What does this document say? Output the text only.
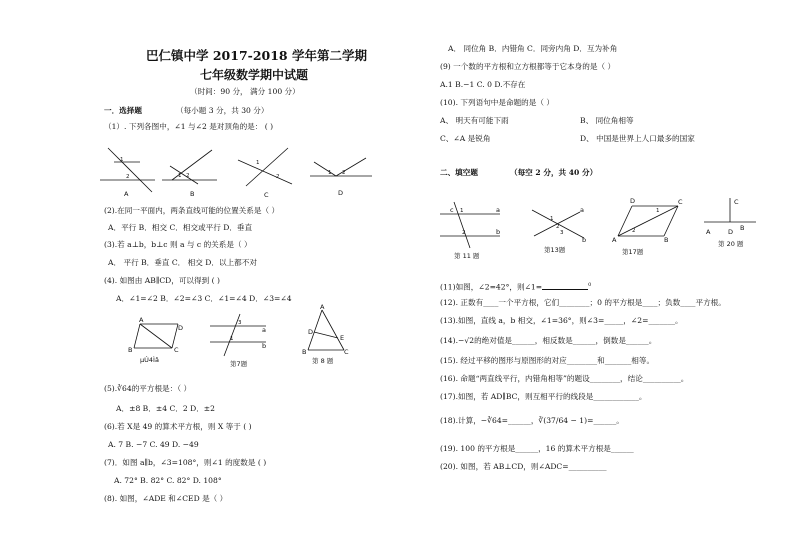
巴仁镇中学 2017-2018 学年第二学期
七年级数学期中试题
（时间：90 分， 满分 100 分）
一．选择题	（每小题 3 分，共 30 分）
（1）. 下列各图中，∠1 与∠2 是对顶角的是： ( )
1
2
A
1 2
B
1
2
C
1 2
D
(2).在同一平面内，两条直线可能的位置关系是（ ）
A．平行 B．相交 C．相交或平行 D．垂直
(3).若 a⊥b，b⊥c 则 a 与 c 的关系是（ ）
A． 平行 B．垂直 C． 相交 D．以上都不对
(4). 如图由 AB∥CD，可以得到 ( )
A．∠1=∠2 B．∠2=∠3 C．∠1=∠4 D．∠3=∠4
A
D
B	C
µÚ4Ìâ
3
1
a
b
第7题
A
D
E
B	C
第 8 题
(5).∛64的平方根是：（ ）
A．±8 B．±4 C．2 D．±2
(6).若 X是 49 的算术平方根，则 X 等于 ( )
A. 7 B. −7 C. 49 D. −49
(7)．如图 a∥b，∠3=108°，则∠1 的度数是 ( )
A. 72° B. 82° C. 82° D. 108°
(8). 如图，∠ADE 和∠CED 是（ ）
A． 同位角 B．内错角 C．同旁内角 D．互为补角
(9) 一个数的平方根和立方根都等于它本身的是（ ）
A.1 B.−1 C. 0 D.不存在
(10). 下列语句中是命题的是（ ）
A、 明天有可能下雨	B、 同位角相等
C、∠A 是锐角	D、 中国是世界上人口最多的国家
二、填空题	（每空 2 分，共 40 分）
c 1
2
a
b
第 11 题
1
2
3
a
b
第13题
D	C
A	B
1
2
第17题
C
A	D B
第 20 题
(11)如图，∠2=42°，则∠1=	$^0$
(12). 正数有____一个平方根，它们________；0 的平方根是____；负数____平方根。
(13).如图，直线 a，b 相交，∠1=36°，则∠3=_____，∠2=_______。
(14).−√2的绝对值是______，相反数是______，倒数是______。
(15). 经过平移的图形与原图形的对应________和_______相等。
(16). 命题“两直线平行，内错角相等”的题设________，结论__________。
(17).如图，若 AD∥BC，则互相平行的线段是____________。
(18).计算，−∛64=______，∛(37/64 − 1)=______。
(19). 100 的平方根是______，16 的算术平方根是______
(20). 如图，若 AB⊥CD，则∠ADC=__________
